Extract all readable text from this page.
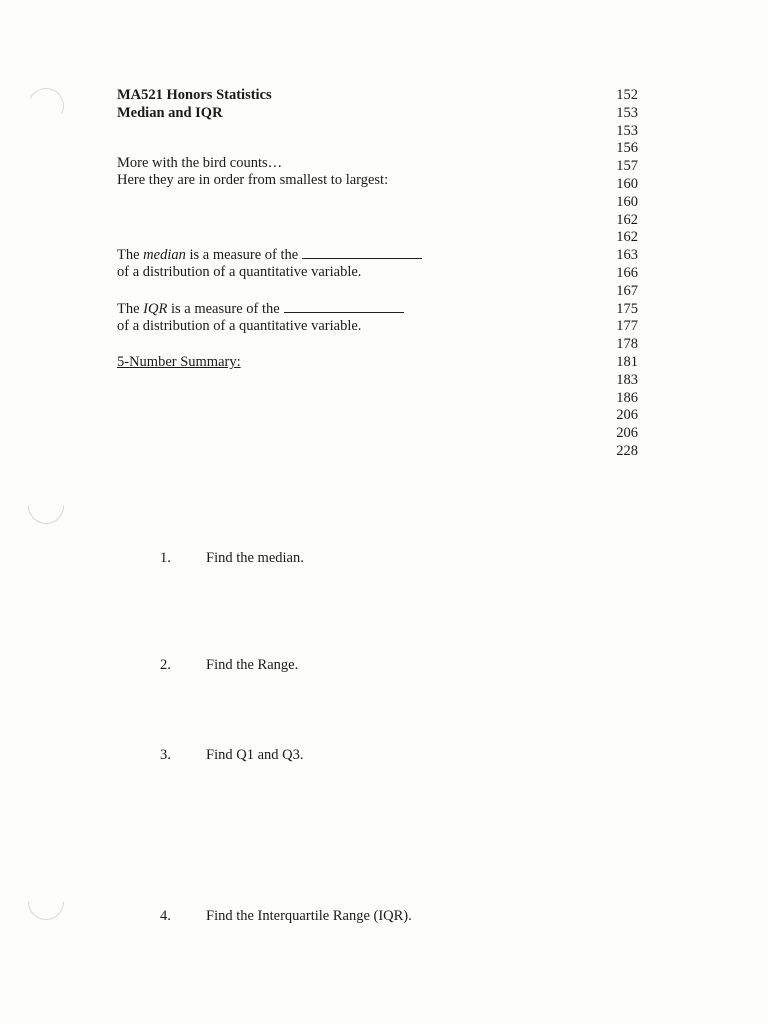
MA521 Honors Statistics
Median and IQR
More with the bird counts…
Here they are in order from smallest to largest:
The median is a measure of the
of a distribution of a quantitative variable.
The IQR is a measure of the
of a distribution of a quantitative variable.
5-Number Summary:
152
153
153
156
157
160
160
162
162
163
166
167
175
177
178
181
183
186
206
206
228
1. Find the median.
2. Find the Range.
3. Find Q1 and Q3.
4. Find the Interquartile Range (IQR).
